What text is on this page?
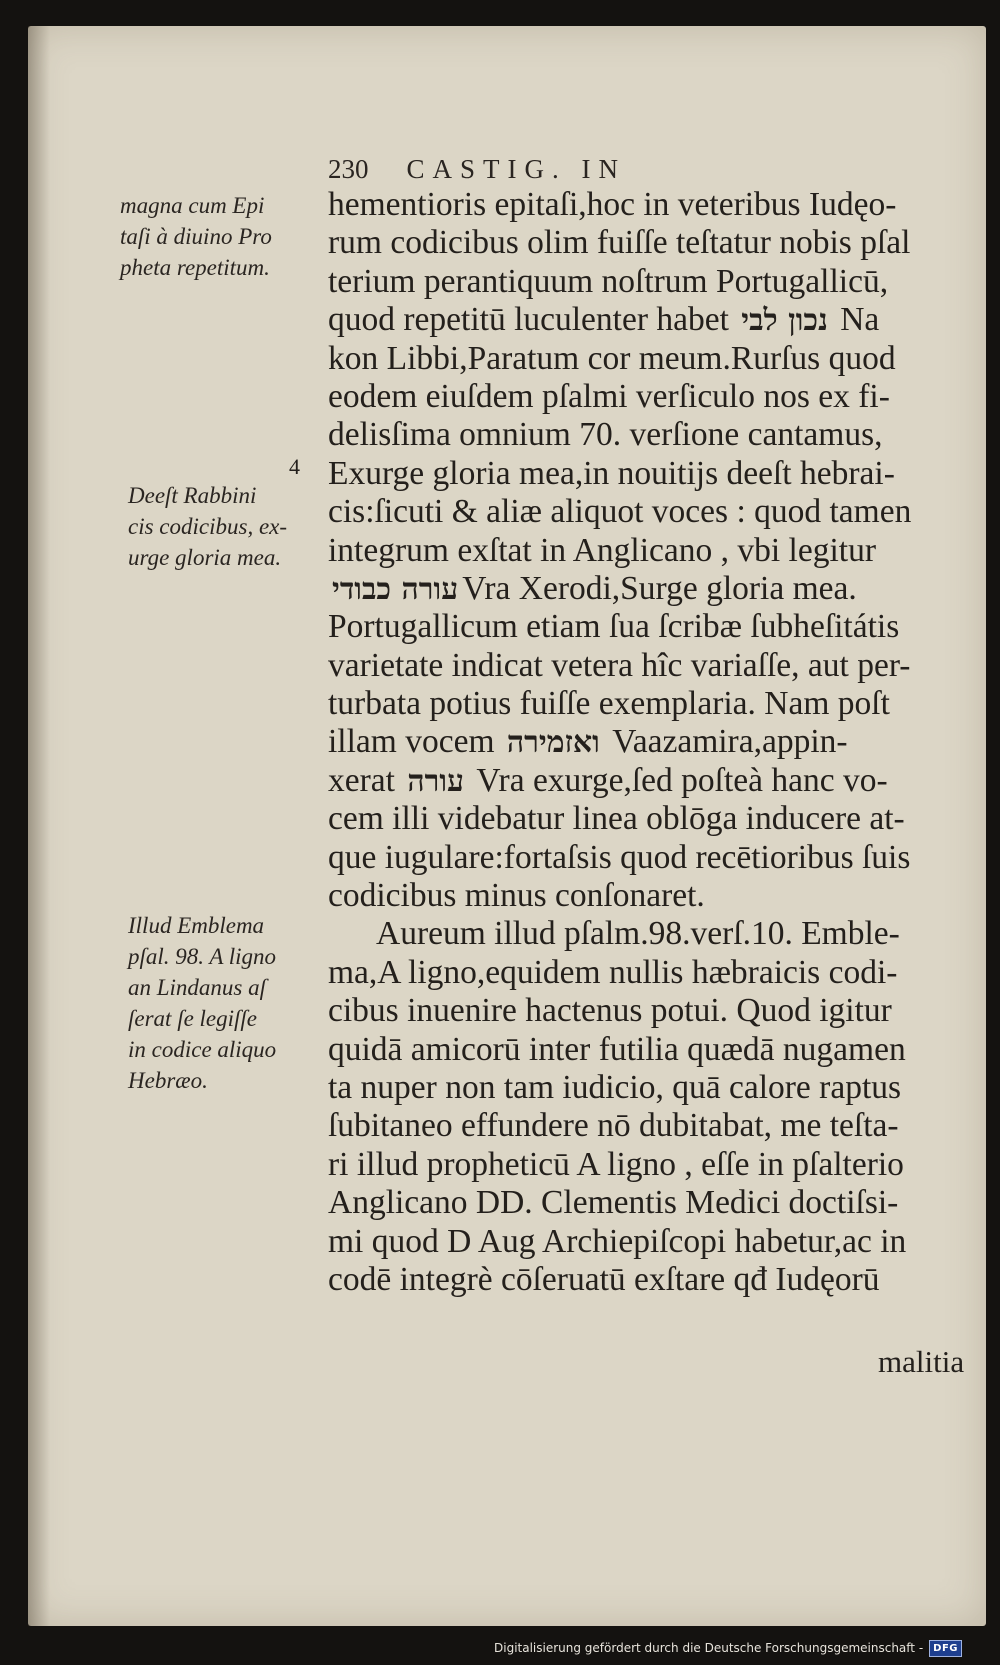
230 CASTIG. IN
hementioris epitaſi,hoc in veteribus Iudęo-
rum codicibus olim fuiſſe teſtatur nobis pſal
terium perantiquum noſtrum Portugallicū,
quod repetitū luculenter habet נכון לבי Na
kon Libbi,Paratum cor meum.Rurſus quod
eodem eiuſdem pſalmi verſiculo nos ex fi-
delisſima omnium 70. verſione cantamus,
Exurge gloria mea,in nouitijs deeſt hebrai-
cis:ſicuti & aliæ aliquot voces : quod tamen
integrum exſtat in Anglicano , vbi legitur
עורה כבודי Vra Xerodi,Surge gloria mea.
Portugallicum etiam ſua ſcribæ ſubheſitátis
varietate indicat vetera hîc variaſſe, aut per-
turbata potius fuiſſe exemplaria. Nam poſt
illam vocem ואזמירה Vaazamira,appin-
xerat עורה Vra exurge,ſed poſteà hanc vo-
cem illi videbatur linea oblōga inducere at-
que iugulare:fortaſsis quod recētioribus ſuis
codicibus minus conſonaret.
Aureum illud pſalm.98.verſ.10. Emble-
ma,A ligno,equidem nullis hæbraicis codi-
cibus inuenire hactenus potui. Quod igitur
quidā amicorū inter futilia quædā nugamen
ta nuper non tam iudicio, quā calore raptus
ſubitaneo effundere nō dubitabat, me teſta-
ri illud propheticū A ligno , eſſe in pſalterio
Anglicano DD. Clementis Medici doctiſsi-
mi quod D Aug Archiepiſcopi habetur,ac in
codē integrè cōſeruatū exſtare qđ Iudęorū
4
magna cum Epi
taſi à diuino Pro
pheta repetitum.
Deeſt Rabbini
cis codicibus, ex-
urge gloria mea.
Illud Emblema
pſal. 98. A ligno
an Lindanus aſ
ſerat ſe legiſſe
in codice aliquo
Hebræo.
malitia
Digitalisierung gefördert durch die Deutsche Forschungsgemeinschaft -	DFG
